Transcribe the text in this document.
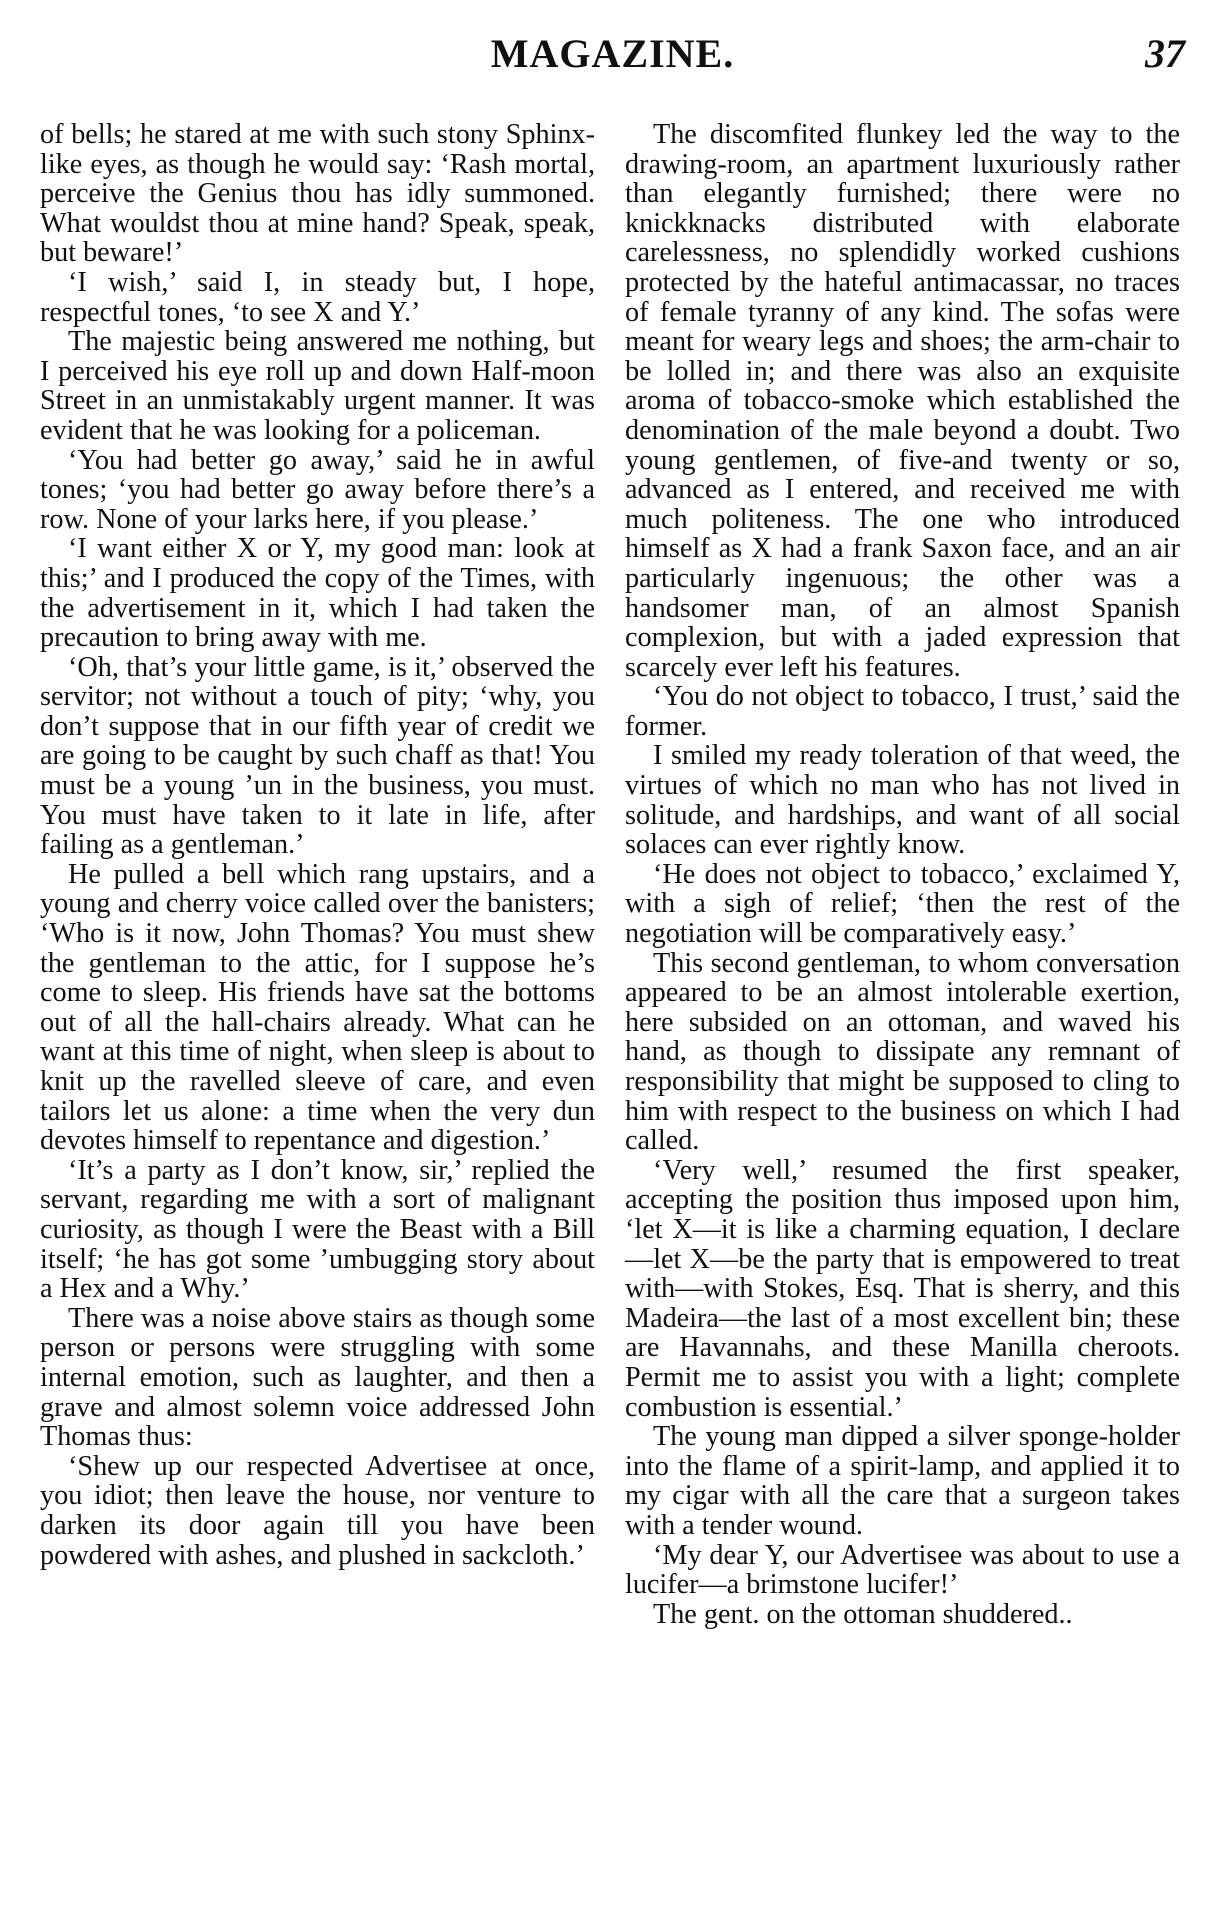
MAGAZINE.	37

of bells; he stared at me with such stony Sphinx-like eyes, as though he would say: ‘Rash mortal, perceive the Genius thou has idly summoned. What wouldst thou at mine hand? Speak, speak, but beware!’

‘I wish,’ said I, in steady but, I hope, respectful tones, ‘to see X and Y.’

The majestic being answered me nothing, but I perceived his eye roll up and down Half-moon Street in an unmistakably urgent manner. It was evident that he was looking for a policeman.

‘You had better go away,’ said he in awful tones; ‘you had better go away before there’s a row. None of your larks here, if you please.’

‘I want either X or Y, my good man: look at this;’ and I produced the copy of the Times, with the advertisement in it, which I had taken the precaution to bring away with me.

‘Oh, that’s your little game, is it,’ observed the servitor; not without a touch of pity; ‘why, you don’t suppose that in our fifth year of credit we are going to be caught by such chaff as that! You must be a young ’un in the business, you must. You must have taken to it late in life, after failing as a gentleman.’

He pulled a bell which rang upstairs, and a young and cherry voice called over the banisters; ‘Who is it now, John Thomas? You must shew the gentleman to the attic, for I suppose he’s come to sleep. His friends have sat the bottoms out of all the hall-chairs already. What can he want at this time of night, when sleep is about to knit up the ravelled sleeve of care, and even tailors let us alone: a time when the very dun devotes himself to repentance and digestion.’

‘It’s a party as I don’t know, sir,’ replied the servant, regarding me with a sort of malignant curiosity, as though I were the Beast with a Bill itself; ‘he has got some ’umbugging story about a Hex and a Why.’

There was a noise above stairs as though some person or persons were struggling with some internal emotion, such as laughter, and then a grave and almost solemn voice addressed John Thomas thus:

‘Shew up our respected Advertisee at once, you idiot; then leave the house, nor venture to darken its door again till you have been powdered with ashes, and plushed in sackcloth.’

The discomfited flunkey led the way to the drawing-room, an apartment luxuriously rather than elegantly furnished; there were no knickknacks distributed with elaborate carelessness, no splendidly worked cushions protected by the hateful antimacassar, no traces of female tyranny of any kind. The sofas were meant for weary legs and shoes; the arm-chair to be lolled in; and there was also an exquisite aroma of tobacco-smoke which established the denomination of the male beyond a doubt. Two young gentlemen, of five-and twenty or so, advanced as I entered, and received me with much politeness. The one who introduced himself as X had a frank Saxon face, and an air particularly ingenuous; the other was a handsomer man, of an almost Spanish complexion, but with a jaded expression that scarcely ever left his features.

‘You do not object to tobacco, I trust,’ said the former.

I smiled my ready toleration of that weed, the virtues of which no man who has not lived in solitude, and hardships, and want of all social solaces can ever rightly know.

‘He does not object to tobacco,’ exclaimed Y, with a sigh of relief; ‘then the rest of the negotiation will be comparatively easy.’

This second gentleman, to whom conversation appeared to be an almost intolerable exertion, here subsided on an ottoman, and waved his hand, as though to dissipate any remnant of responsibility that might be supposed to cling to him with respect to the business on which I had called.

‘Very well,’ resumed the first speaker, accepting the position thus imposed upon him, ‘let X—it is like a charming equation, I declare—let X—be the party that is empowered to treat with—with Stokes, Esq. That is sherry, and this Madeira—the last of a most excellent bin; these are Havannahs, and these Manilla cheroots. Permit me to assist you with a light; complete combustion is essential.’

The young man dipped a silver sponge-holder into the flame of a spirit-lamp, and applied it to my cigar with all the care that a surgeon takes with a tender wound.

‘My dear Y, our Advertisee was about to use a lucifer—a brimstone lucifer!’

The gent. on the ottoman shuddered..
